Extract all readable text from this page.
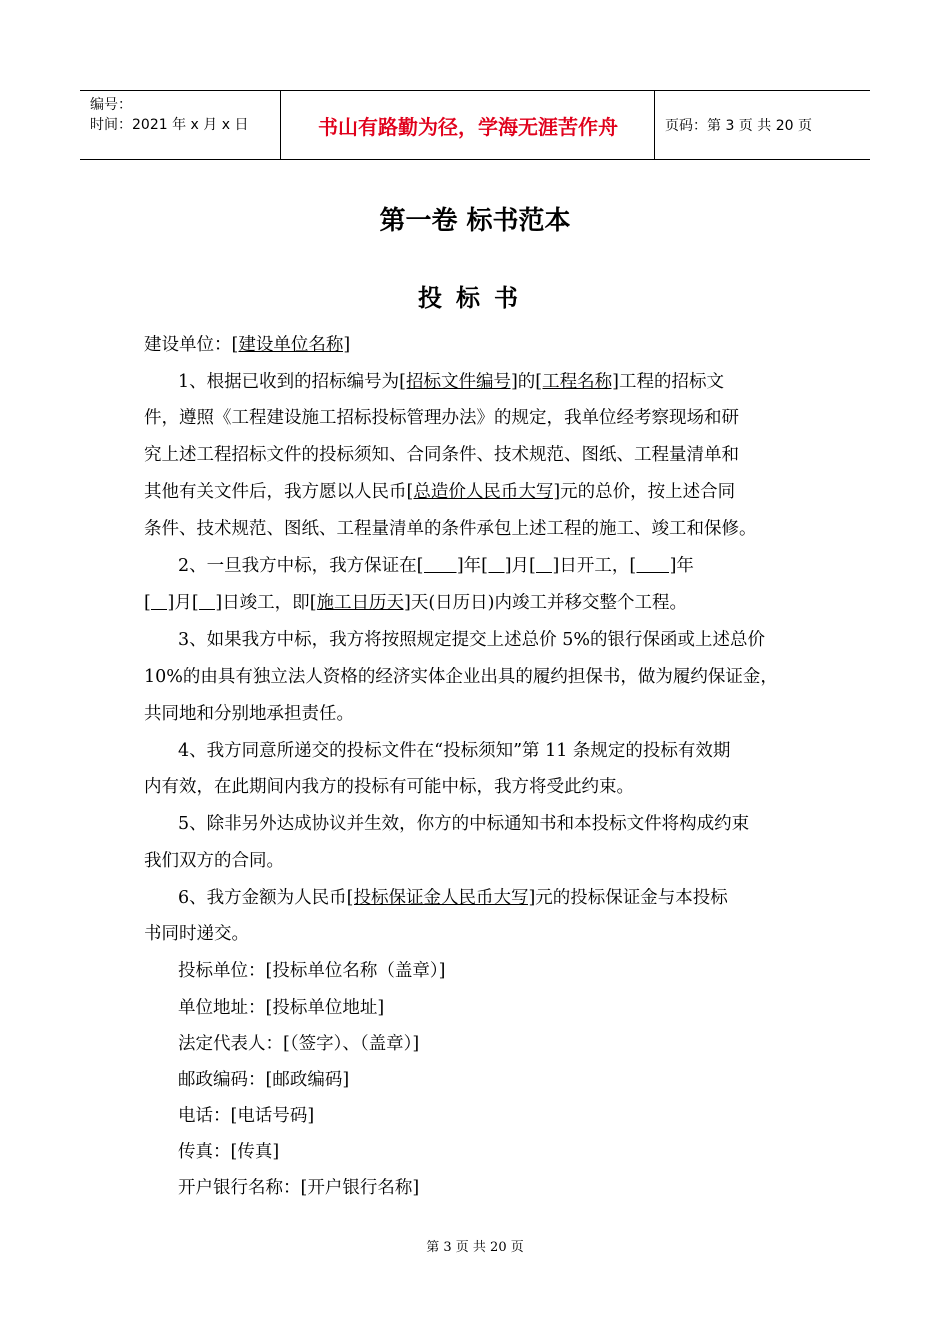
编号：
时间：2021 年 x 月 x 日	书山有路勤为径，学海无涯苦作舟	页码：第 3 页 共 20 页
第一卷 标书范本
投标书
建设单位：[建设单位名称]
1、根据已收到的招标编号为[招标文件编号]的[工程名称]工程的招标文
件，遵照《工程建设施工招标投标管理办法》的规定，我单位经考察现场和研
究上述工程招标文件的投标须知、合同条件、技术规范、图纸、工程量清单和
其他有关文件后，我方愿以人民币[总造价人民币大写]元的总价，按上述合同
条件、技术规范、图纸、工程量清单的条件承包上述工程的施工、竣工和保修。
2、一旦我方中标，我方保证在[      ]年[   ]月[   ]日开工，[      ]年
[   ]月[   ]日竣工，即[施工日历天]天(日历日)内竣工并移交整个工程。
3、如果我方中标，我方将按照规定提交上述总价 5%的银行保函或上述总价
10%的由具有独立法人资格的经济实体企业出具的履约担保书，做为履约保证金，
共同地和分别地承担责任。
4、我方同意所递交的投标文件在“投标须知”第 11 条规定的投标有效期
内有效，在此期间内我方的投标有可能中标，我方将受此约束。
5、除非另外达成协议并生效，你方的中标通知书和本投标文件将构成约束
我们双方的合同。
6、我方金额为人民币[投标保证金人民币大写]元的投标保证金与本投标
书同时递交。
投标单位：[投标单位名称（盖章）]
单位地址：[投标单位地址]
法定代表人：[（签字）、（盖章）]
邮政编码：[邮政编码]
电话：[电话号码]
传真：[传真]
开户银行名称：[开户银行名称]
第 3 页 共 20 页
